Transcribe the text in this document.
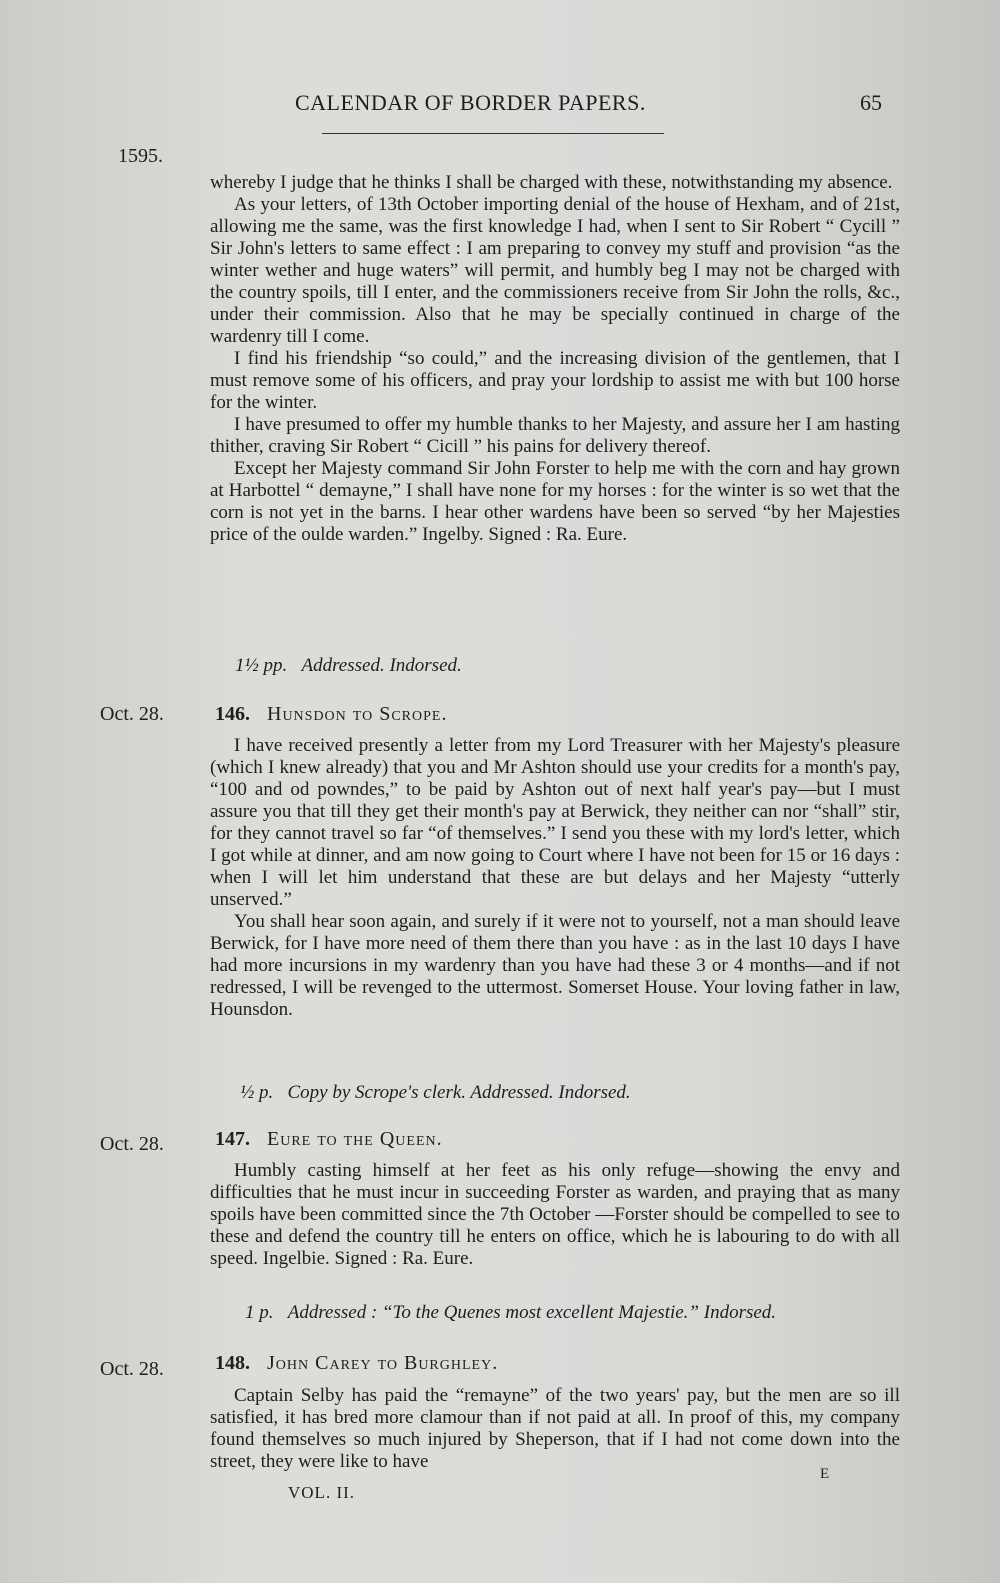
CALENDAR OF BORDER PAPERS.	65
1595.

whereby I judge that he thinks I shall be charged with these, notwithstanding my absence.

As your letters, of 13th October importing denial of the house of Hexham, and of 21st, allowing me the same, was the first knowledge I had, when I sent to Sir Robert “ Cycill ” Sir John's letters to same effect : I am preparing to convey my stuff and provision “as the winter wether and huge waters” will permit, and humbly beg I may not be charged with the country spoils, till I enter, and the commissioners receive from Sir John the rolls, &c., under their commission. Also that he may be specially continued in charge of the wardenry till I come.

I find his friendship “so could,” and the increasing division of the gentlemen, that I must remove some of his officers, and pray your lordship to assist me with but 100 horse for the winter.

I have presumed to offer my humble thanks to her Majesty, and assure her I am hasting thither, craving Sir Robert “ Cicill ” his pains for delivery thereof.

Except her Majesty command Sir John Forster to help me with the corn and hay grown at Harbottel “ demayne,” I shall have none for my horses : for the winter is so wet that the corn is not yet in the barns. I hear other wardens have been so served “by her Majesties price of the oulde warden.” Ingelby. Signed : Ra. Eure.

1½ pp. Addressed. Indorsed.
Oct. 28.	146. Hunsdon to Scrope.

I have received presently a letter from my Lord Treasurer with her Majesty's pleasure (which I knew already) that you and Mr Ashton should use your credits for a month's pay, “100 and od powndes,” to be paid by Ashton out of next half year's pay—but I must assure you that till they get their month's pay at Berwick, they neither can nor “shall” stir, for they cannot travel so far “of themselves.” I send you these with my lord's letter, which I got while at dinner, and am now going to Court where I have not been for 15 or 16 days : when I will let him understand that these are but delays and her Majesty “utterly unserved.”

You shall hear soon again, and surely if it were not to yourself, not a man should leave Berwick, for I have more need of them there than you have : as in the last 10 days I have had more incursions in my wardenry than you have had these 3 or 4 months—and if not redressed, I will be revenged to the uttermost. Somerset House. Your loving father in law, Hounsdon.

½ p. Copy by Scrope's clerk. Addressed. Indorsed.
Oct. 28.	147. Eure to the Queen.

Humbly casting himself at her feet as his only refuge—showing the envy and difficulties that he must incur in succeeding Forster as warden, and praying that as many spoils have been committed since the 7th October —Forster should be compelled to see to these and defend the country till he enters on office, which he is labouring to do with all speed. Ingelbie. Signed : Ra. Eure.

1 p. Addressed : “To the Quenes most excellent Majestie.” Indorsed.
Oct. 28.	148. John Carey to Burghley.

Captain Selby has paid the “remayne” of the two years' pay, but the men are so ill satisfied, it has bred more clamour than if not paid at all. In proof of this, my company found themselves so much injured by Sheperson, that if I had not come down into the street, they were like to have

VOL. II.
E
